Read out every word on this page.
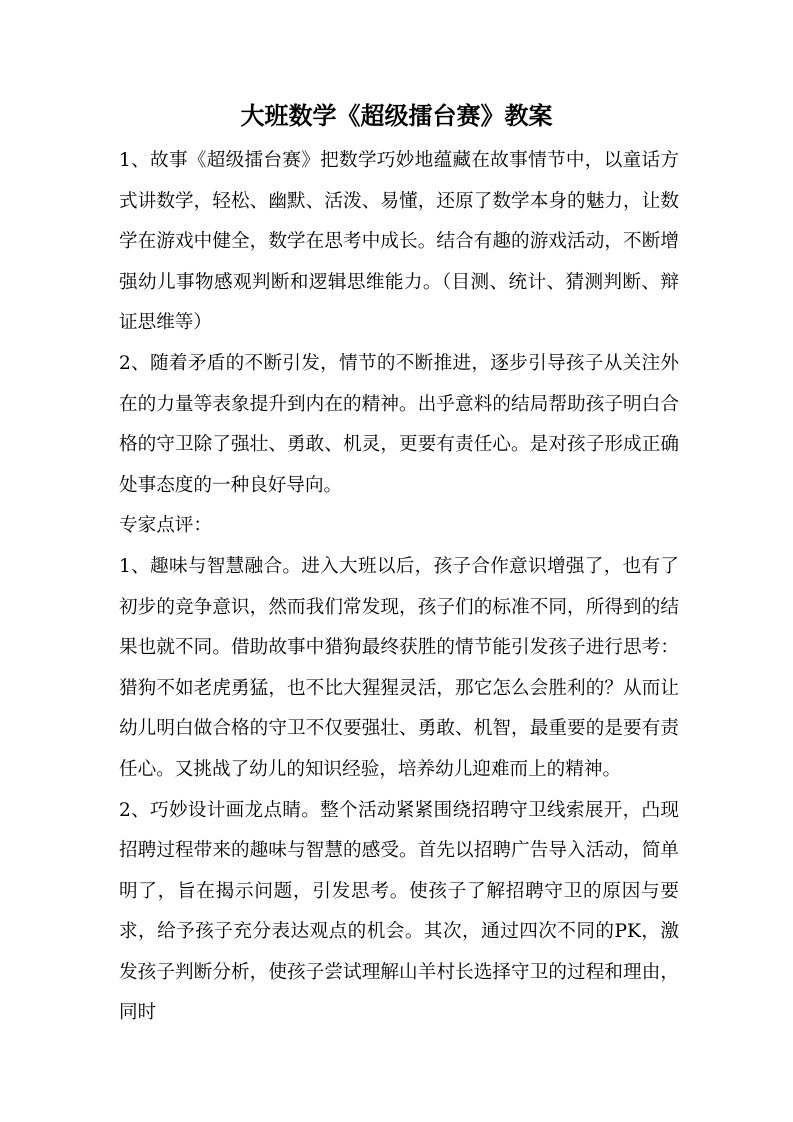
大班数学《超级擂台赛》教案

1、故事《超级擂台赛》把数学巧妙地蕴藏在故事情节中，以童话方式讲数学，轻松、幽默、活泼、易懂，还原了数学本身的魅力，让数学在游戏中健全，数学在思考中成长。结合有趣的游戏活动，不断增强幼儿事物感观判断和逻辑思维能力。（目测、统计、猜测判断、辩证思维等）

2、随着矛盾的不断引发，情节的不断推进，逐步引导孩子从关注外在的力量等表象提升到内在的精神。出乎意料的结局帮助孩子明白合格的守卫除了强壮、勇敢、机灵，更要有责任心。是对孩子形成正确处事态度的一种良好导向。

专家点评：

1、趣味与智慧融合。进入大班以后，孩子合作意识增强了，也有了初步的竞争意识，然而我们常发现，孩子们的标准不同，所得到的结果也就不同。借助故事中猎狗最终获胜的情节能引发孩子进行思考：猎狗不如老虎勇猛，也不比大猩猩灵活，那它怎么会胜利的？从而让幼儿明白做合格的守卫不仅要强壮、勇敢、机智，最重要的是要有责任心。又挑战了幼儿的知识经验，培养幼儿迎难而上的精神。

2、巧妙设计画龙点睛。整个活动紧紧围绕招聘守卫线索展开，凸现招聘过程带来的趣味与智慧的感受。首先以招聘广告导入活动，简单明了，旨在揭示问题，引发思考。使孩子了解招聘守卫的原因与要求，给予孩子充分表达观点的机会。其次，通过四次不同的PK，激发孩子判断分析，使孩子尝试理解山羊村长选择守卫的过程和理由，同时
